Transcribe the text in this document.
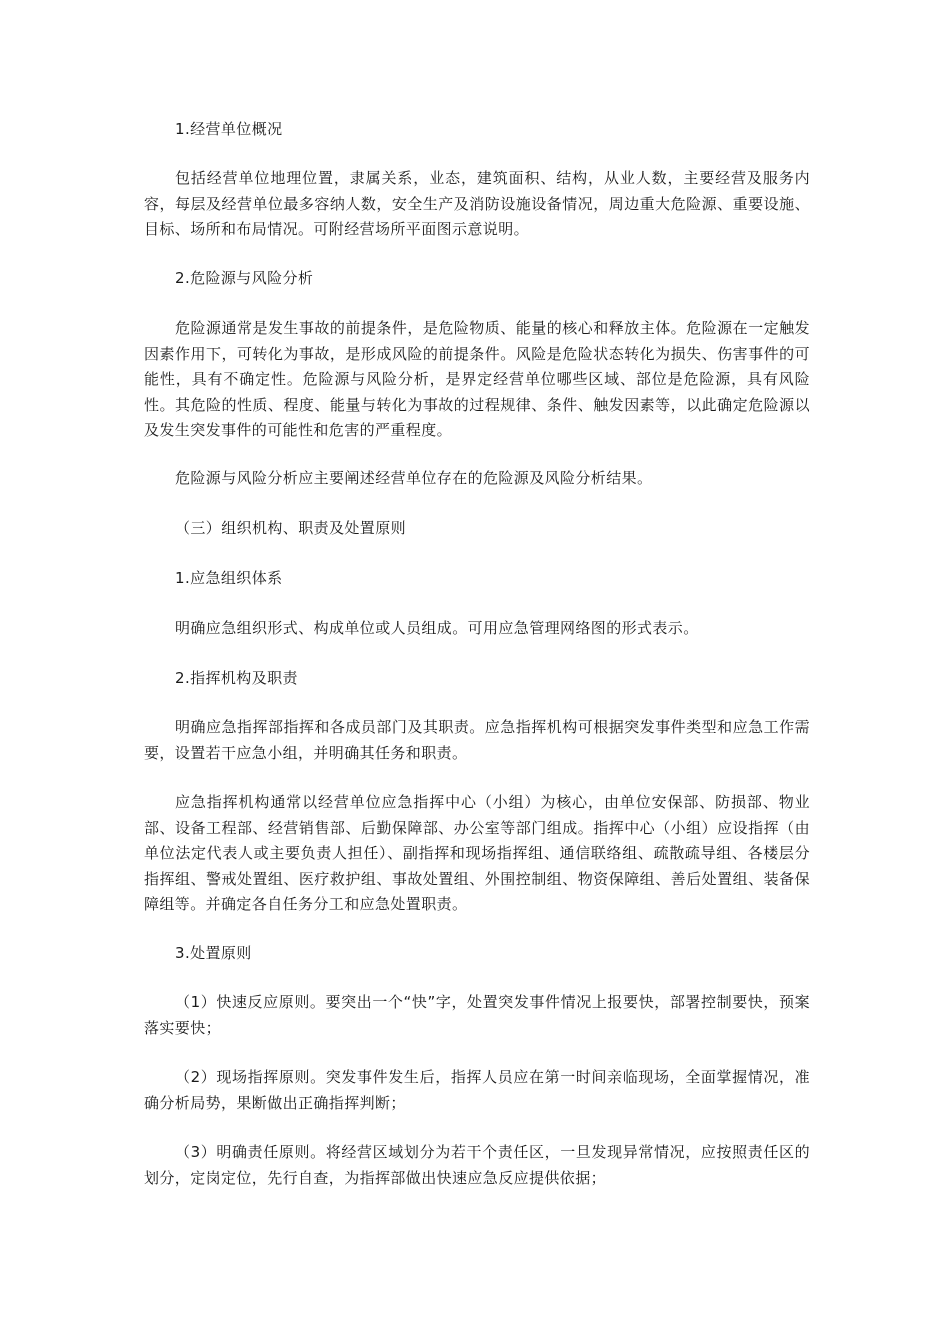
1.经营单位概况

包括经营单位地理位置，隶属关系，业态，建筑面积、结构，从业人数，主要经营及服务内容，每层及经营单位最多容纳人数，安全生产及消防设施设备情况，周边重大危险源、重要设施、目标、场所和布局情况。可附经营场所平面图示意说明。

2.危险源与风险分析

危险源通常是发生事故的前提条件，是危险物质、能量的核心和释放主体。危险源在一定触发因素作用下，可转化为事故，是形成风险的前提条件。风险是危险状态转化为损失、伤害事件的可能性，具有不确定性。危险源与风险分析，是界定经营单位哪些区域、部位是危险源，具有风险性。其危险的性质、程度、能量与转化为事故的过程规律、条件、触发因素等，以此确定危险源以及发生突发事件的可能性和危害的严重程度。

危险源与风险分析应主要阐述经营单位存在的危险源及风险分析结果。

（三）组织机构、职责及处置原则

1.应急组织体系

明确应急组织形式、构成单位或人员组成。可用应急管理网络图的形式表示。

2.指挥机构及职责

明确应急指挥部指挥和各成员部门及其职责。应急指挥机构可根据突发事件类型和应急工作需要，设置若干应急小组，并明确其任务和职责。

应急指挥机构通常以经营单位应急指挥中心（小组）为核心，由单位安保部、防损部、物业部、设备工程部、经营销售部、后勤保障部、办公室等部门组成。指挥中心（小组）应设指挥（由单位法定代表人或主要负责人担任）、副指挥和现场指挥组、通信联络组、疏散疏导组、各楼层分指挥组、警戒处置组、医疗救护组、事故处置组、外围控制组、物资保障组、善后处置组、装备保障组等。并确定各自任务分工和应急处置职责。

3.处置原则

（1）快速反应原则。要突出一个“快”字，处置突发事件情况上报要快，部署控制要快，预案落实要快；

（2）现场指挥原则。突发事件发生后，指挥人员应在第一时间亲临现场，全面掌握情况，准确分析局势，果断做出正确指挥判断；

（3）明确责任原则。将经营区域划分为若干个责任区，一旦发现异常情况，应按照责任区的划分，定岗定位，先行自查，为指挥部做出快速应急反应提供依据；
